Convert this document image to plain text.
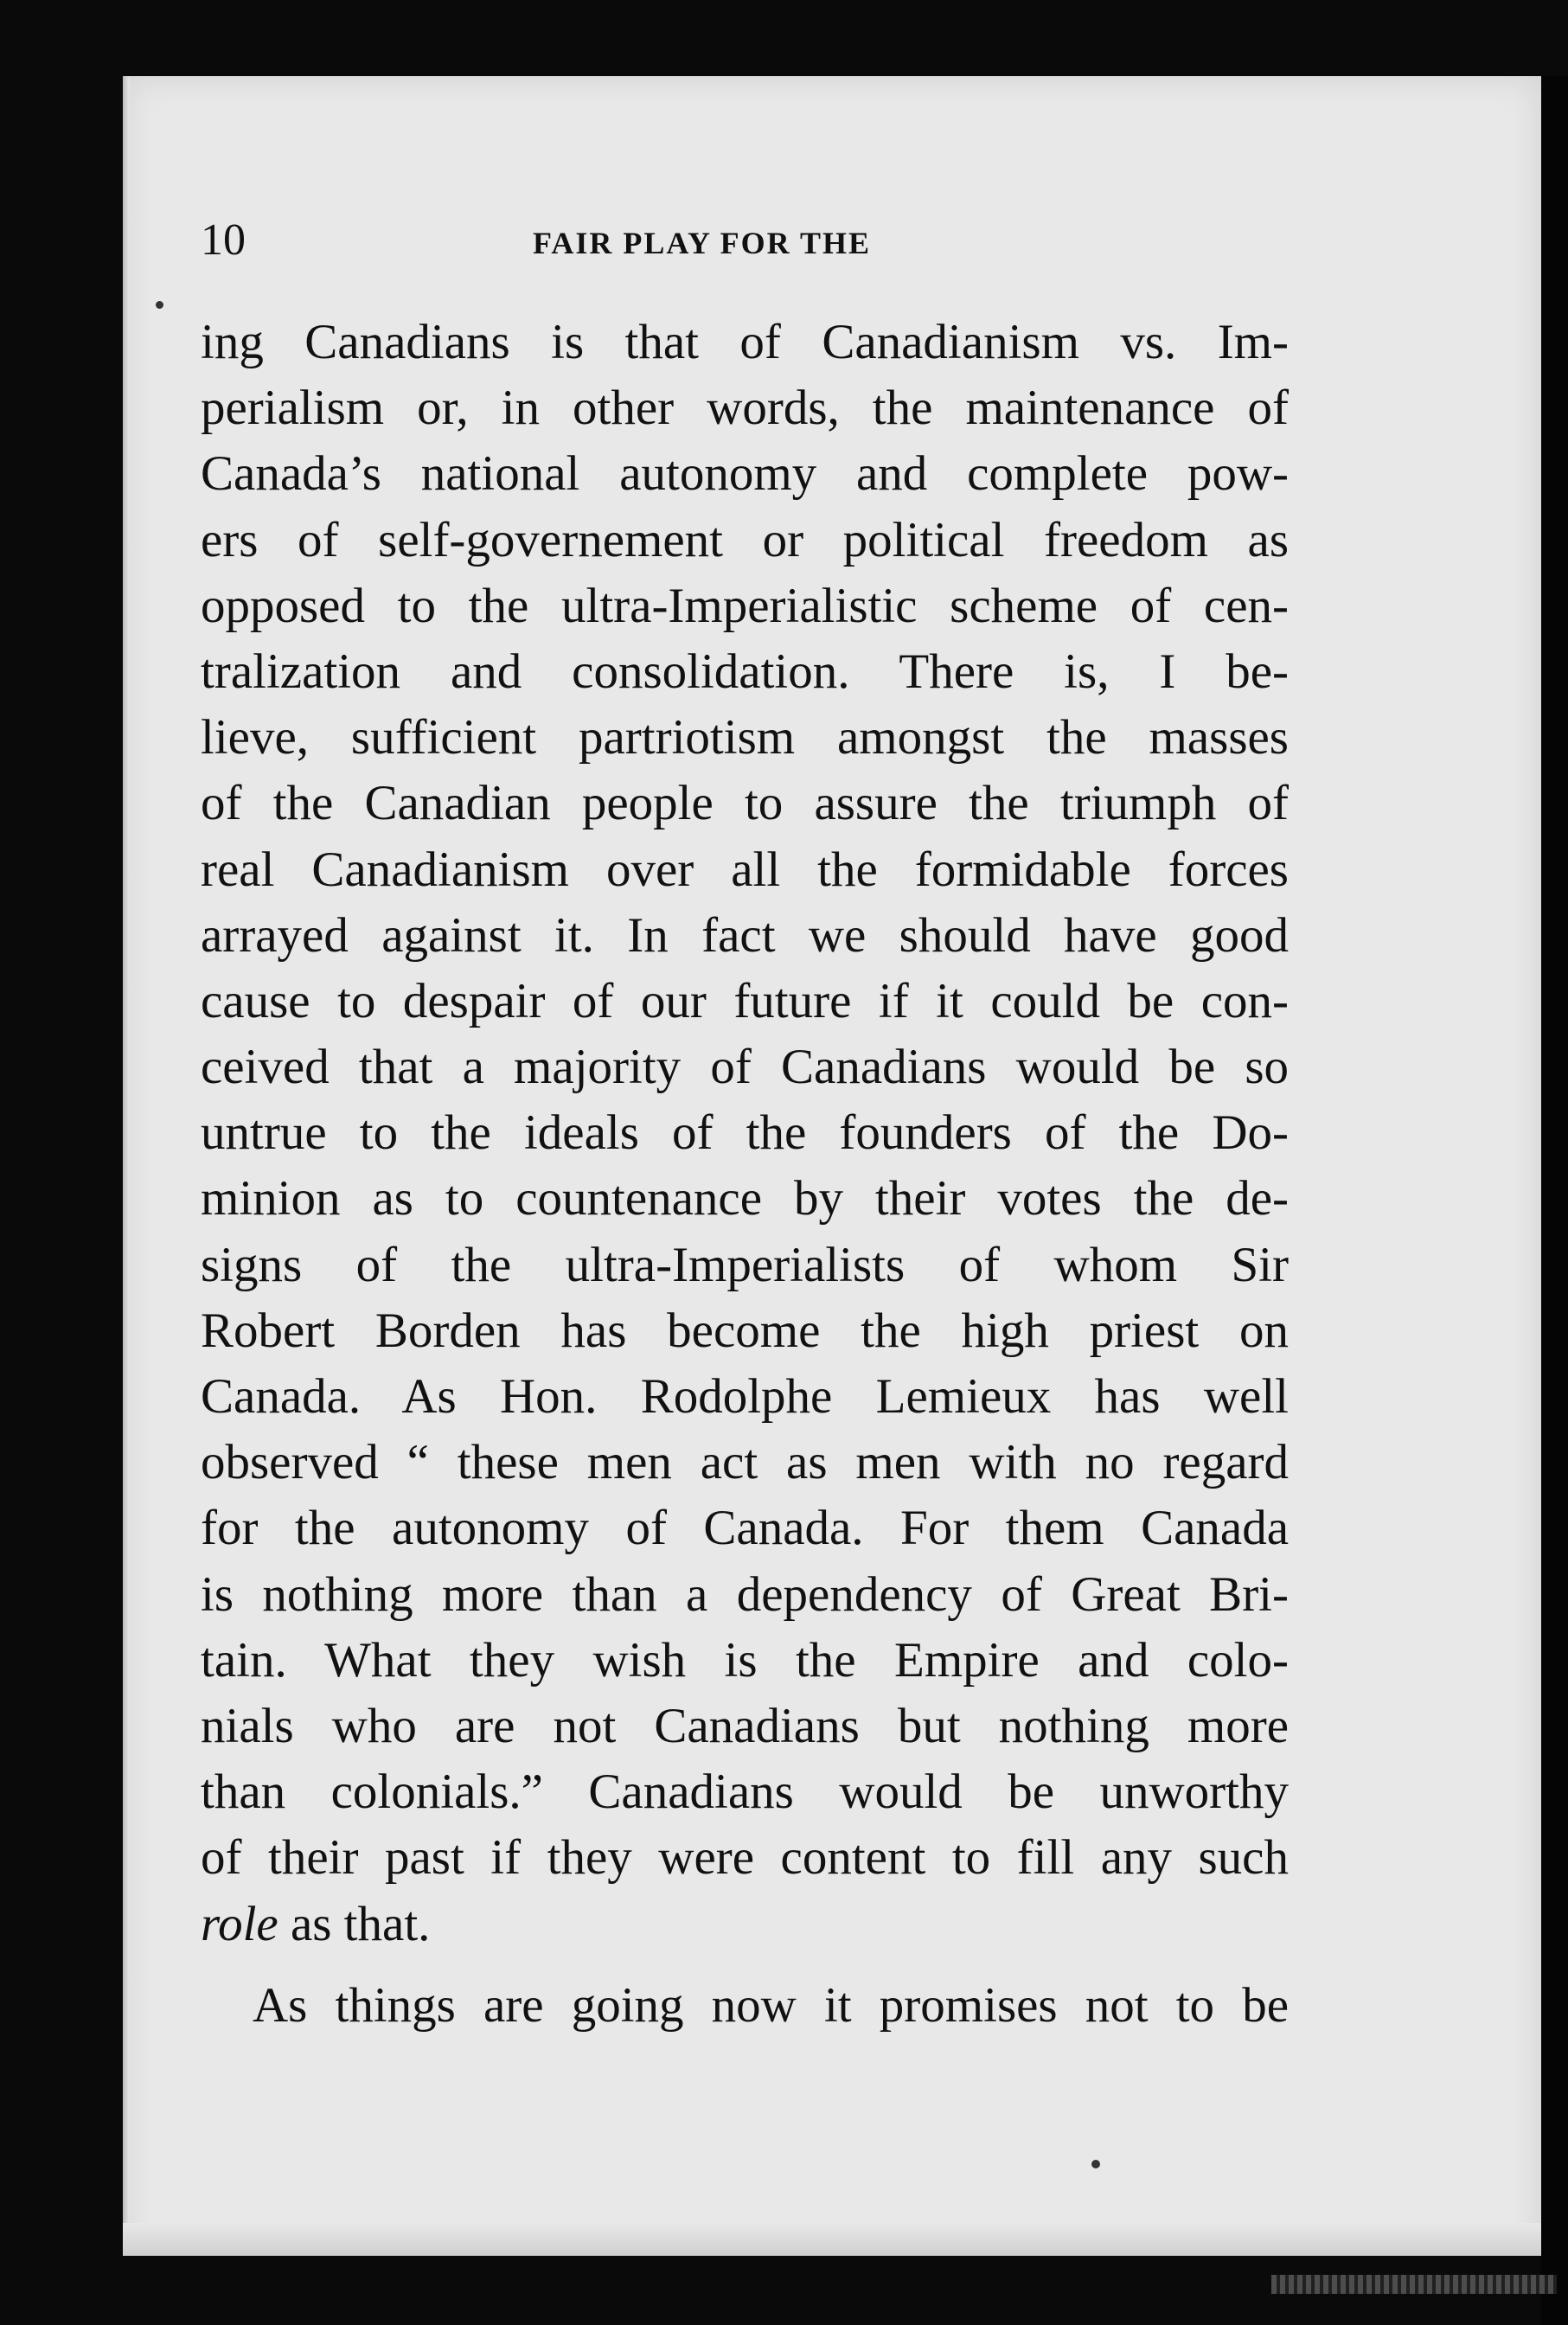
10	FAIR PLAY FOR THE
ing Canadians is that of Canadianism vs. Im-
perialism or, in other words, the maintenance of
Canada’s national autonomy and complete pow-
ers of self-governement or political freedom as
opposed to the ultra-Imperialistic scheme of cen-
tralization and consolidation. There is, I be-
lieve, sufficient partriotism amongst the masses
of the Canadian people to assure the triumph of
real Canadianism over all the formidable forces
arrayed against it. In fact we should have good
cause to despair of our future if it could be con-
ceived that a majority of Canadians would be so
untrue to the ideals of the founders of the Do-
minion as to countenance by their votes the de-
signs of the ultra-Imperialists of whom Sir
Robert Borden has become the high priest on
Canada. As Hon. Rodolphe Lemieux has well
observed “ these men act as men with no regard
for the autonomy of Canada. For them Canada
is nothing more than a dependency of Great Bri-
tain. What they wish is the Empire and colo-
nials who are not Canadians but nothing more
than colonials.” Canadians would be unworthy
of their past if they were content to fill any such
role as that.
As things are going now it promises not to be
